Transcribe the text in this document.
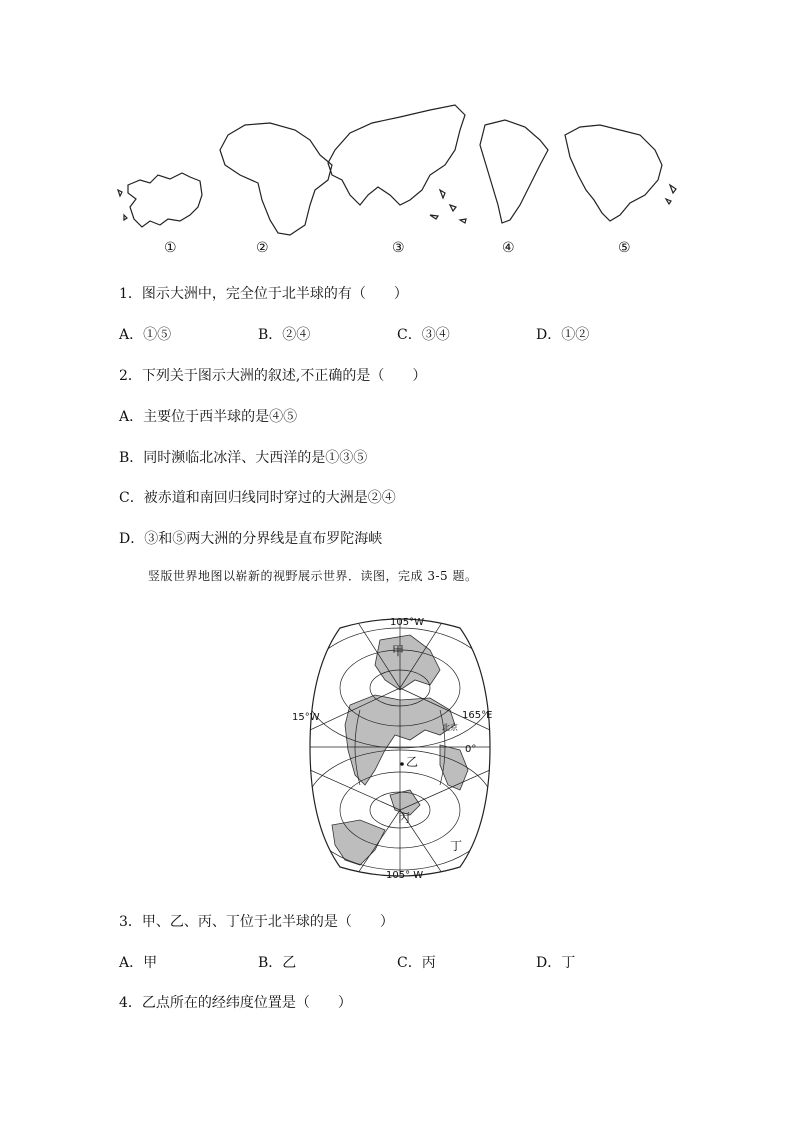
①	②	③	④	⑤
1．图示大洲中，完全位于北半球的有（　　）
A．①⑤	B．②④	C．③④	D．①②
2．下列关于图示大洲的叙述,不正确的是（　　）
A．主要位于西半球的是④⑤
B．同时濒临北冰洋、大西洋的是①③⑤
C．被赤道和南回归线同时穿过的大洲是②④
D．③和⑤两大洲的分界线是直布罗陀海峡
竖版世界地图以崭新的视野展示世界．读图，完成 3-5 题。
105°W
105° W
15°W	165°E
0°
北京
甲
乙
丙
丁
3．甲、乙、丙、丁位于北半球的是（　　）
A．甲	B．乙	C．丙	D．丁
4．乙点所在的经纬度位置是（　　）
